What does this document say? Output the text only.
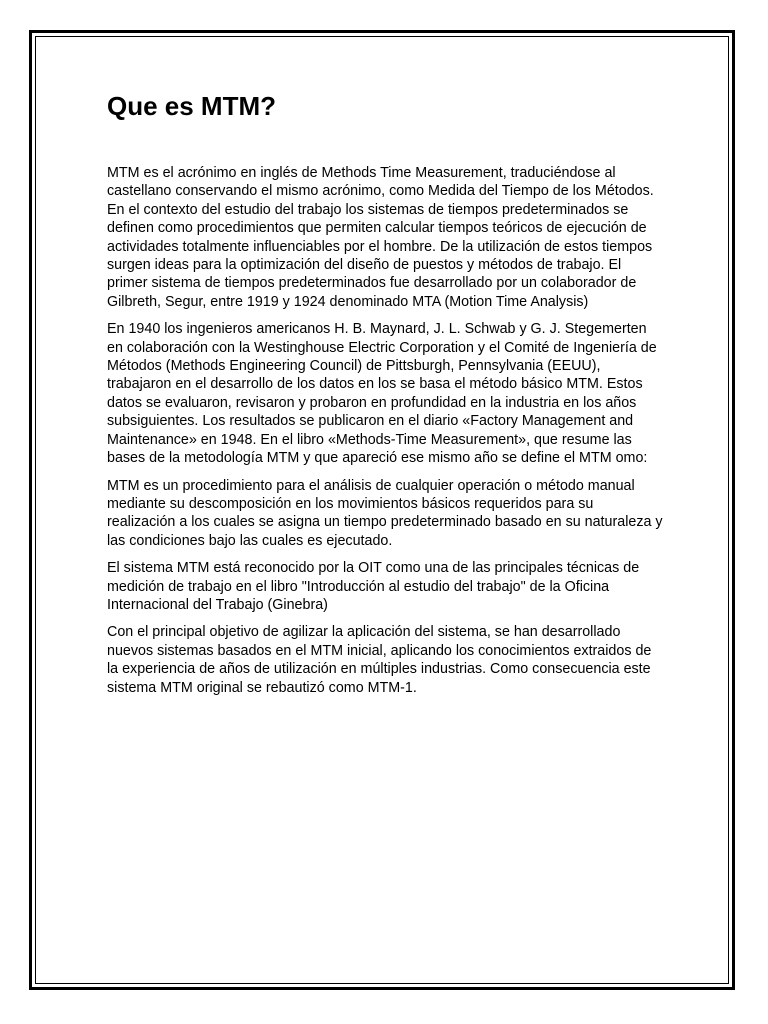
Que es MTM?

MTM es el acrónimo en inglés de Methods Time Measurement, traduciéndose al castellano conservando el mismo acrónimo, como Medida del Tiempo de los Métodos. En el contexto del estudio del trabajo los sistemas de tiempos predeterminados se definen como procedimientos que permiten calcular tiempos teóricos de ejecución de actividades totalmente influenciables por el hombre. De la utilización de estos tiempos surgen ideas para la optimización del diseño de puestos y métodos de trabajo. El primer sistema de tiempos predeterminados fue desarrollado por un colaborador de Gilbreth, Segur, entre 1919 y 1924 denominado MTA (Motion Time Analysis)

En 1940 los ingenieros americanos H. B. Maynard, J. L. Schwab y G. J. Stegemerten en colaboración con la Westinghouse Electric Corporation y el Comité de Ingeniería de Métodos (Methods Engineering Council) de Pittsburgh, Pennsylvania (EEUU), trabajaron en el desarrollo de los datos en los se basa el método básico MTM. Estos datos se evaluaron, revisaron y probaron en profundidad en la industria en los años subsiguientes. Los resultados se publicaron en el diario «Factory Management and Maintenance» en 1948. En el libro «Methods-Time Measurement», que resume las bases de la metodología MTM y que apareció ese mismo año se define el MTM omo:

MTM es un procedimiento para el análisis de cualquier operación o método manual mediante su descomposición en los movimientos básicos requeridos para su realización a los cuales se asigna un tiempo predeterminado basado en su naturaleza y las condiciones bajo las cuales es ejecutado.

El sistema MTM está reconocido por la OIT como una de las principales técnicas de medición de trabajo en el libro "Introducción al estudio del trabajo" de la Oficina Internacional del Trabajo (Ginebra)

Con el principal objetivo de agilizar la aplicación del sistema, se han desarrollado nuevos sistemas basados en el MTM inicial, aplicando los conocimientos extraidos de la experiencia de años de utilización en múltiples industrias. Como consecuencia este sistema MTM original se rebautizó como MTM-1.
